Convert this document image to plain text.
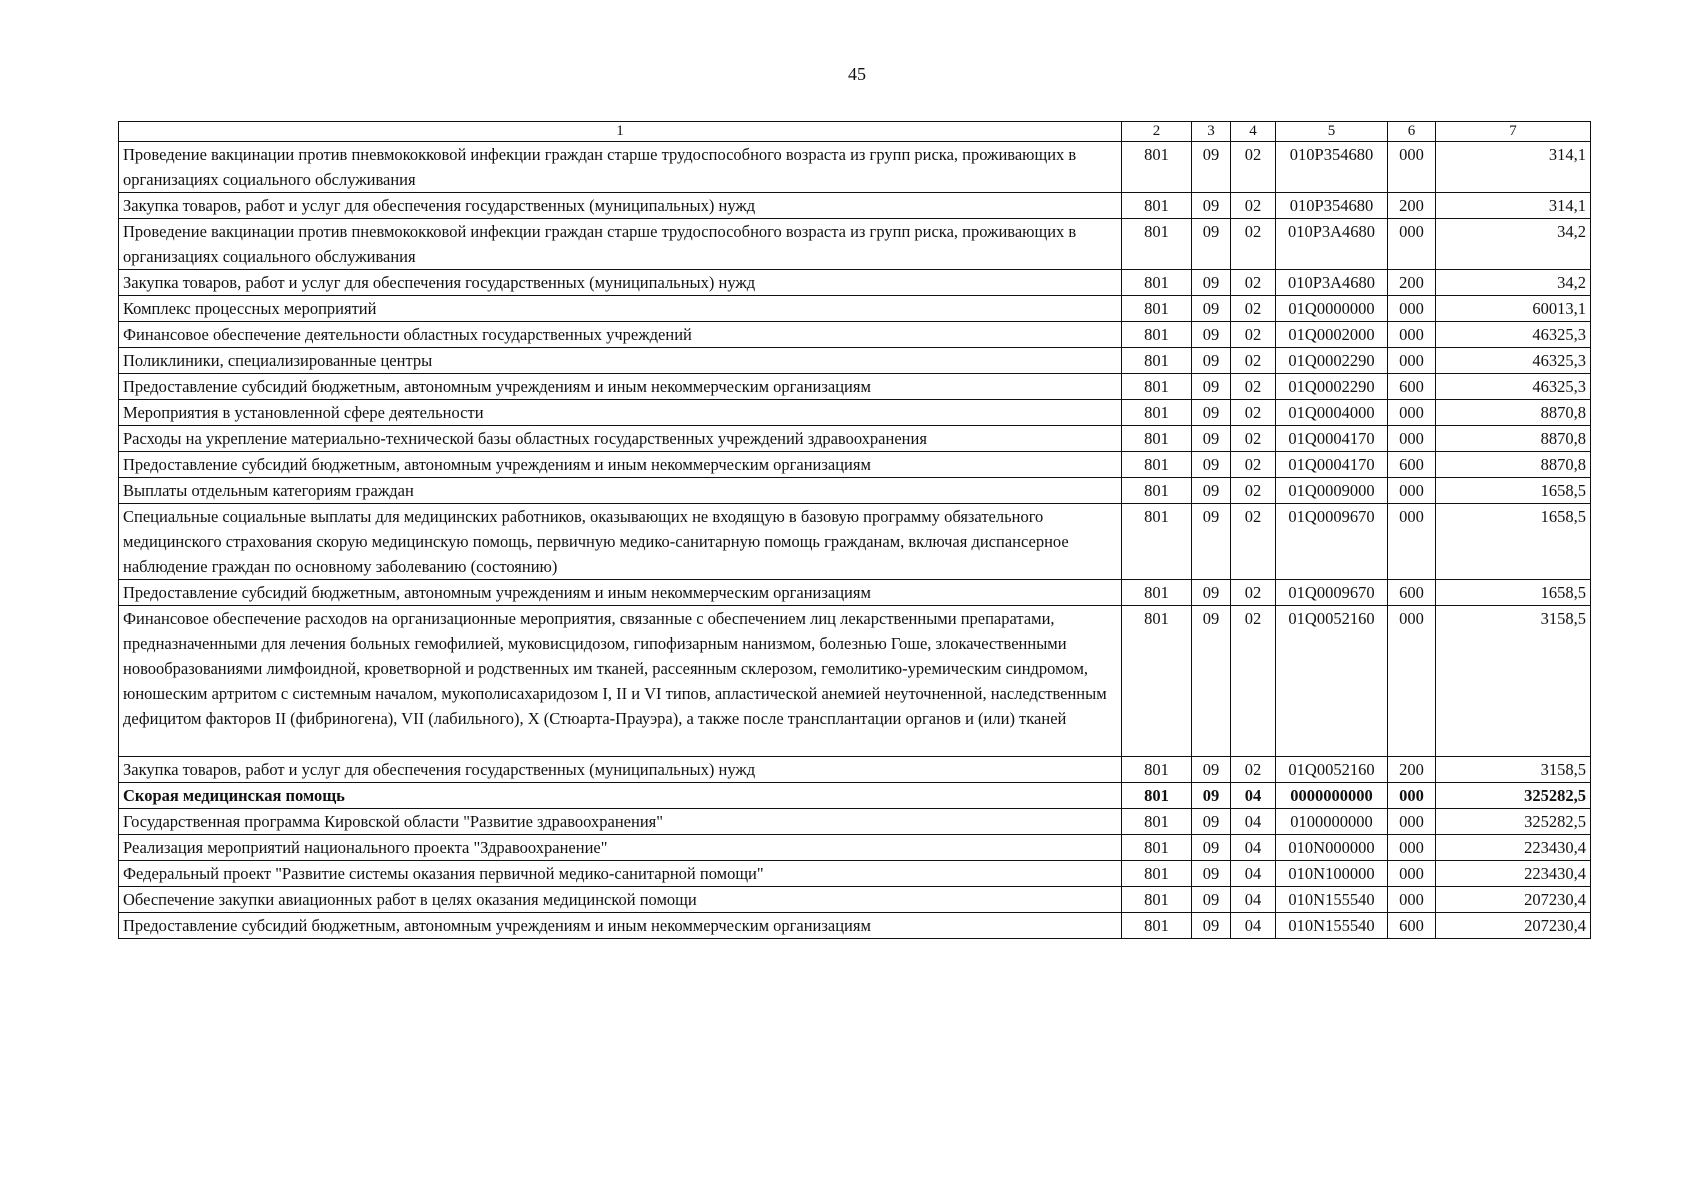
45
1	2	3	4	5	6	7
Проведение вакцинации против пневмококковой инфекции граждан старше трудоспособного возраста из групп риска, проживающих в организациях социального обслуживания	801	09	02	010P354680	000	314,1
Закупка товаров, работ и услуг для обеспечения государственных (муниципальных) нужд	801	09	02	010P354680	200	314,1
Проведение вакцинации против пневмококковой инфекции граждан старше трудоспособного возраста из групп риска, проживающих в организациях социального обслуживания	801	09	02	010P3A4680	000	34,2
Закупка товаров, работ и услуг для обеспечения государственных (муниципальных) нужд	801	09	02	010P3A4680	200	34,2
Комплекс процессных мероприятий	801	09	02	01Q0000000	000	60013,1
Финансовое обеспечение деятельности областных государственных учреждений	801	09	02	01Q0002000	000	46325,3
Поликлиники, специализированные центры	801	09	02	01Q0002290	000	46325,3
Предоставление субсидий бюджетным, автономным учреждениям и иным некоммерческим организациям	801	09	02	01Q0002290	600	46325,3
Мероприятия в установленной сфере деятельности	801	09	02	01Q0004000	000	8870,8
Расходы на укрепление материально-технической базы областных государственных учреждений здравоохранения	801	09	02	01Q0004170	000	8870,8
Предоставление субсидий бюджетным, автономным учреждениям и иным некоммерческим организациям	801	09	02	01Q0004170	600	8870,8
Выплаты отдельным категориям граждан	801	09	02	01Q0009000	000	1658,5
Специальные социальные выплаты для медицинских работников, оказывающих не входящую в базовую программу обязательного медицинского страхования скорую медицинскую помощь, первичную медико-санитарную помощь гражданам, включая диспансерное наблюдение граждан по основному заболеванию (состоянию)	801	09	02	01Q0009670	000	1658,5
Предоставление субсидий бюджетным, автономным учреждениям и иным некоммерческим организациям	801	09	02	01Q0009670	600	1658,5
Финансовое обеспечение расходов на организационные мероприятия, связанные с обеспечением лиц лекарственными препаратами, предназначенными для лечения больных гемофилией, муковисцидозом, гипофизарным нанизмом, болезнью Гоше, злокачественными новообразованиями лимфоидной, кроветворной и родственных им тканей, рассеянным склерозом, гемолитико-уремическим синдромом, юношеским артритом с системным началом, мукополисахаридозом I, II и VI типов, апластической анемией неуточненной, наследственным дефицитом факторов II (фибриногена), VII (лабильного), X (Стюарта-Прауэра), а также после трансплантации органов и (или) тканей	801	09	02	01Q0052160	000	3158,5
Закупка товаров, работ и услуг для обеспечения государственных (муниципальных) нужд	801	09	02	01Q0052160	200	3158,5
Скорая медицинская помощь	801	09	04	0000000000	000	325282,5
Государственная программа Кировской области "Развитие здравоохранения"	801	09	04	0100000000	000	325282,5
Реализация мероприятий национального проекта "Здравоохранение"	801	09	04	010N000000	000	223430,4
Федеральный проект "Развитие системы оказания первичной медико-санитарной помощи"	801	09	04	010N100000	000	223430,4
Обеспечение закупки авиационных работ в целях оказания медицинской помощи	801	09	04	010N155540	000	207230,4
Предоставление субсидий бюджетным, автономным учреждениям и иным некоммерческим организациям	801	09	04	010N155540	600	207230,4
